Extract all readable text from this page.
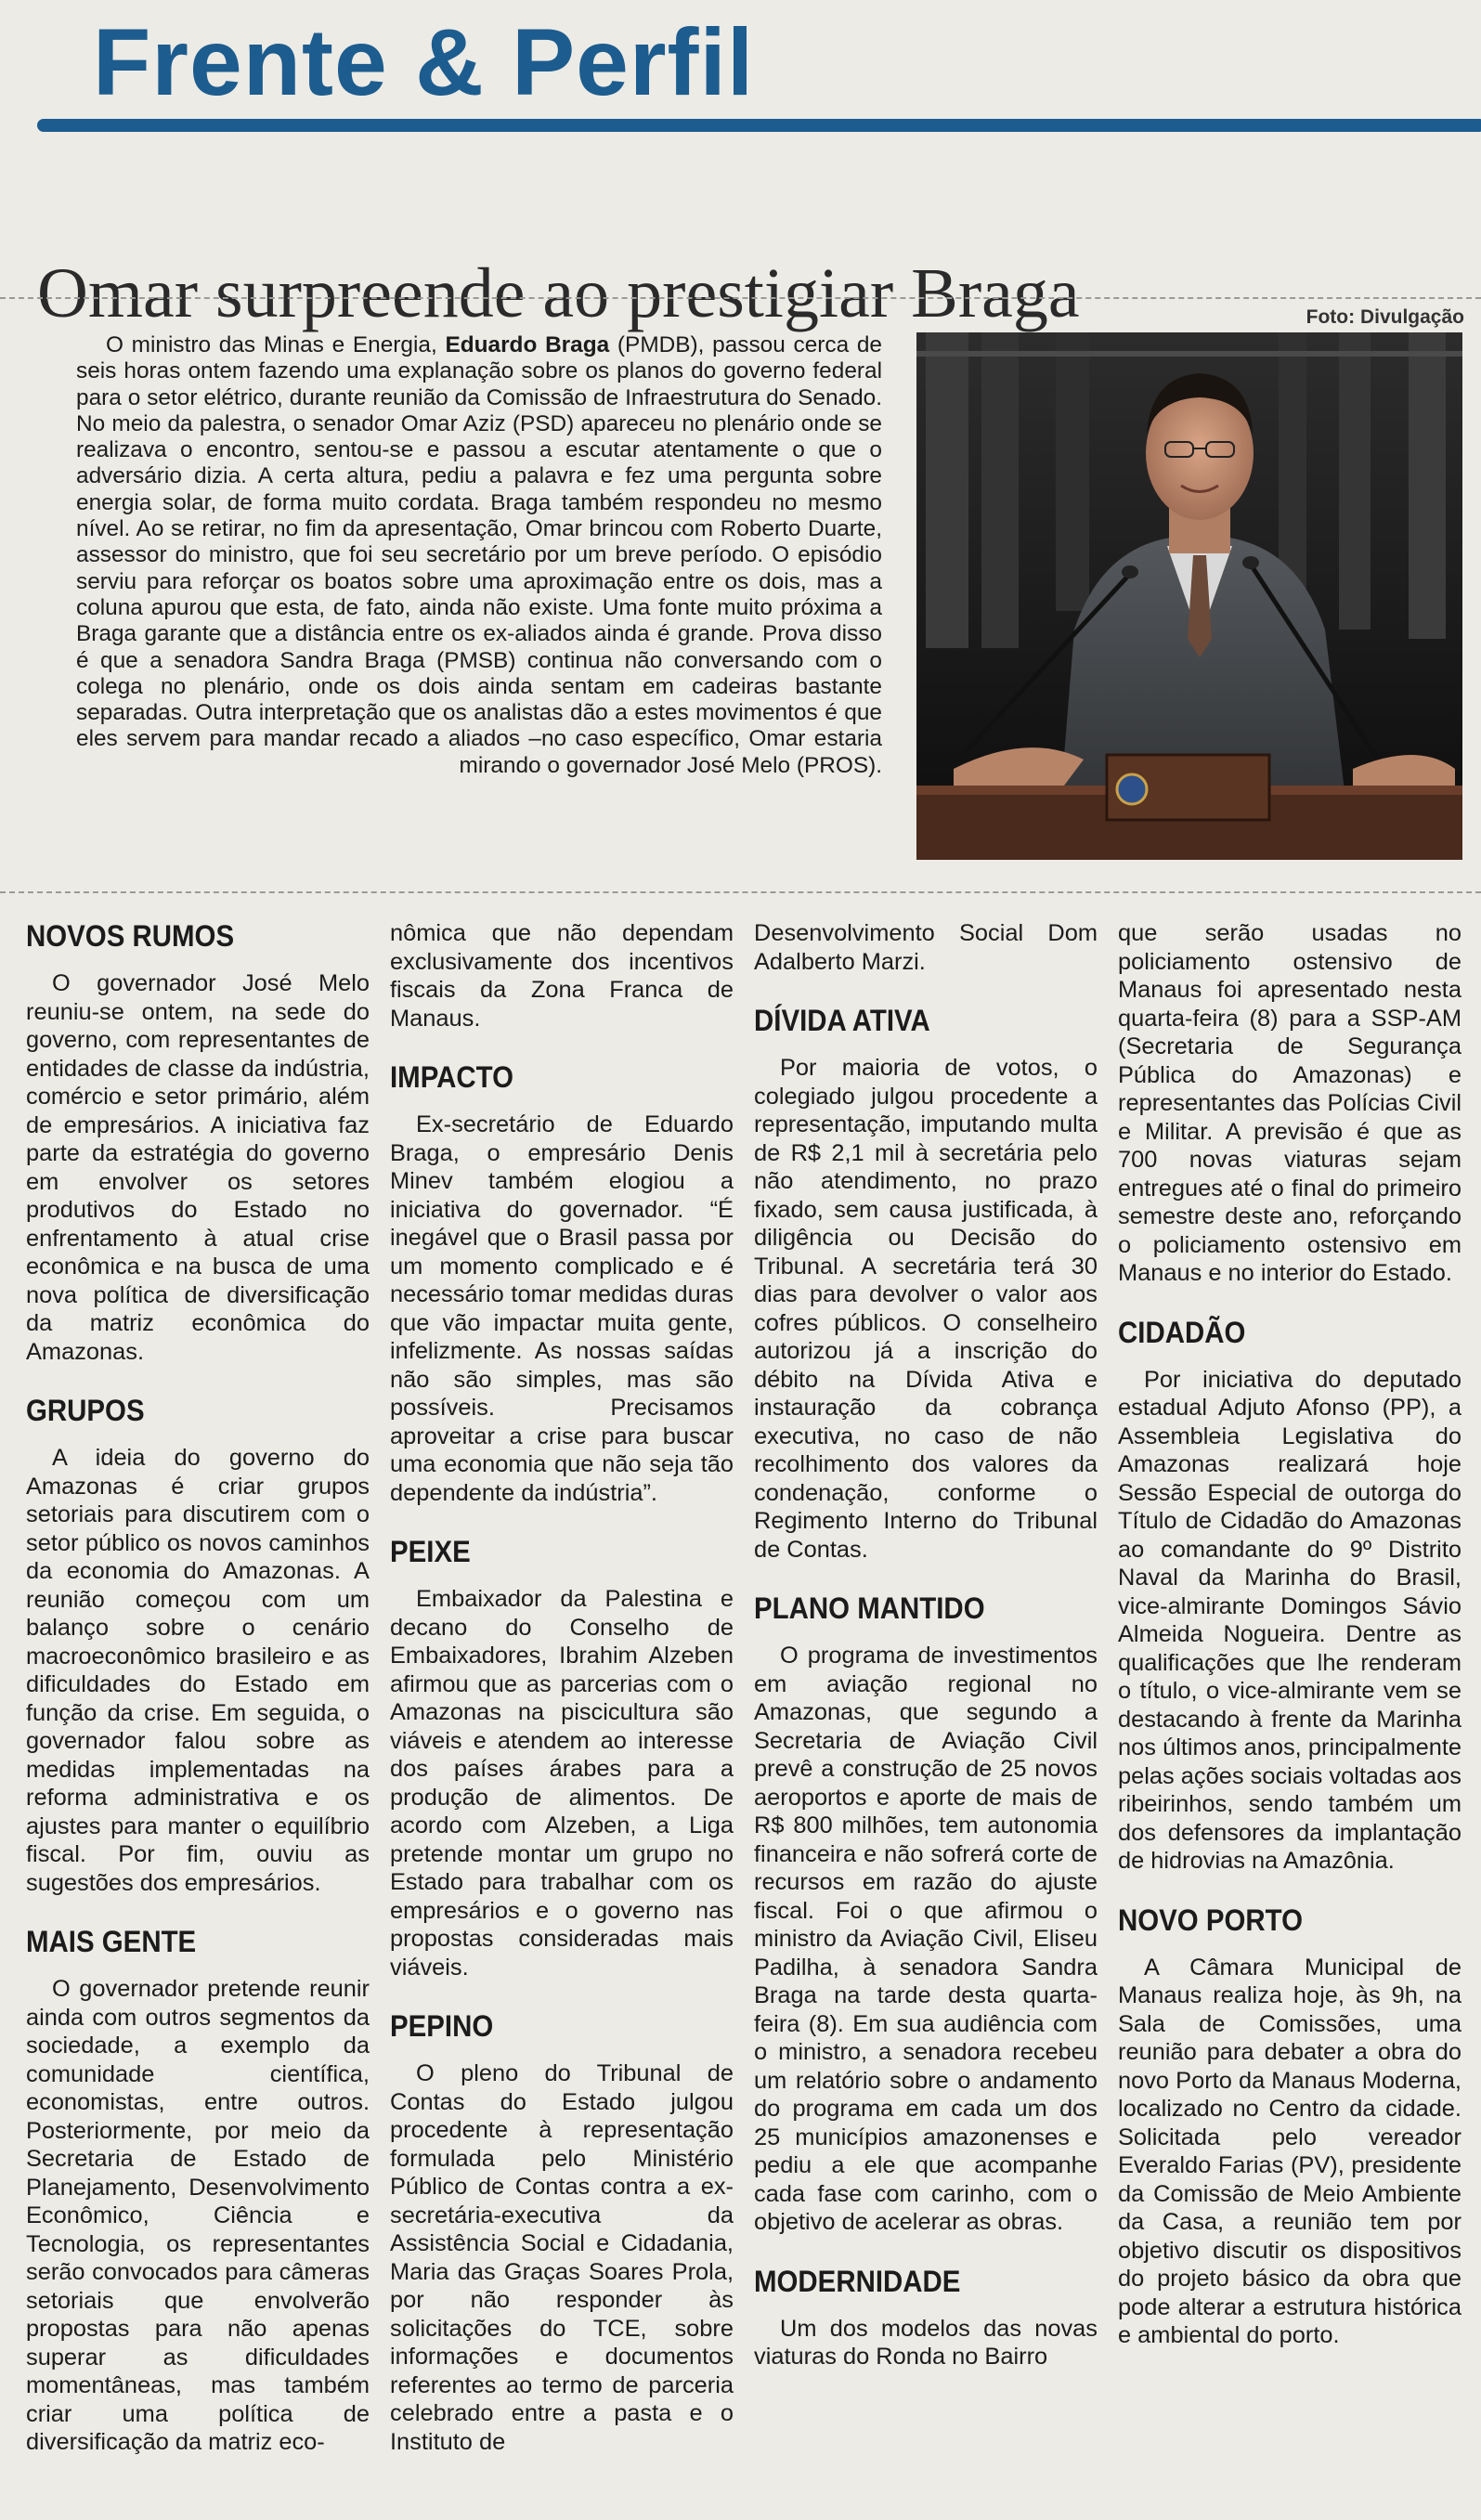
Frente & Perfil
Omar surpreende ao prestigiar Braga	Foto: Divulgação

O ministro das Minas e Energia, Eduardo Braga (PMDB), passou cerca de seis horas ontem fazendo uma explanação sobre os planos do governo federal para o setor elétrico, durante reunião da Comissão de Infraestrutura do Senado. No meio da palestra, o senador Omar Aziz (PSD) apareceu no plenário onde se realizava o encontro, sentou-se e passou a escutar atentamente o que o adversário dizia. A certa altura, pediu a palavra e fez uma pergunta sobre energia solar, de forma muito cordata. Braga também respondeu no mesmo nível. Ao se retirar, no fim da apresentação, Omar brincou com Roberto Duarte, assessor do ministro, que foi seu secretário por um breve período. O episódio serviu para reforçar os boatos sobre uma aproximação entre os dois, mas a coluna apurou que esta, de fato, ainda não existe. Uma fonte muito próxima a Braga garante que a distância entre os ex-aliados ainda é grande. Prova disso é que a senadora Sandra Braga (PMSB) continua não conversando com o colega no plenário, onde os dois ainda sentam em cadeiras bastante separadas. Outra interpretação que os analistas dão a estes movimentos é que eles servem para mandar recado a aliados –no caso específico, Omar estaria mirando o governador José Melo (PROS).

NOVOS RUMOS

O governador José Melo reuniu-se ontem, na sede do governo, com representantes de entidades de classe da indústria, comércio e setor primário, além de empresários. A iniciativa faz parte da estratégia do governo em envolver os setores produtivos do Estado no enfrentamento à atual crise econômica e na busca de uma nova política de diversificação da matriz econômica do Amazonas.

GRUPOS

A ideia do governo do Amazonas é criar grupos setoriais para discutirem com o setor público os novos caminhos da economia do Amazonas. A reunião começou com um balanço sobre o cenário macroeconômico brasileiro e as dificuldades do Estado em função da crise. Em seguida, o governador falou sobre as medidas implementadas na reforma administrativa e os ajustes para manter o equilíbrio fiscal. Por fim, ouviu as sugestões dos empresários.

MAIS GENTE

O governador pretende reunir ainda com outros segmentos da sociedade, a exemplo da comunidade científica, economistas, entre outros. Posteriormente, por meio da Secretaria de Estado de Planejamento, Desenvolvimento Econômico, Ciência e Tecnologia, os representantes serão convocados para câmeras setoriais que envolverão propostas para não apenas superar as dificuldades momentâneas, mas também criar uma política de diversificação da matriz eco-

nômica que não dependam exclusivamente dos incentivos fiscais da Zona Franca de Manaus.

IMPACTO

Ex-secretário de Eduardo Braga, o empresário Denis Minev também elogiou a iniciativa do governador. “É inegável que o Brasil passa por um momento complicado e é necessário tomar medidas duras que vão impactar muita gente, infelizmente. As nossas saídas não são simples, mas são possíveis. Precisamos aproveitar a crise para buscar uma economia que não seja tão dependente da indústria”.

PEIXE

Embaixador da Palestina e decano do Conselho de Embaixadores, Ibrahim Alzeben afirmou que as parcerias com o Amazonas na piscicultura são viáveis e atendem ao interesse dos países árabes para a produção de alimentos. De acordo com Alzeben, a Liga pretende montar um grupo no Estado para trabalhar com os empresários e o governo nas propostas consideradas mais viáveis.

PEPINO

O pleno do Tribunal de Contas do Estado julgou procedente à representação formulada pelo Ministério Público de Contas contra a ex-secretária-executiva da Assistência Social e Cidadania, Maria das Graças Soares Prola, por não responder às solicitações do TCE, sobre informações e documentos referentes ao termo de parceria celebrado entre a pasta e o Instituto de

Desenvolvimento Social Dom Adalberto Marzi.

DÍVIDA ATIVA

Por maioria de votos, o colegiado julgou procedente a representação, imputando multa de R$ 2,1 mil à secretária pelo não atendimento, no prazo fixado, sem causa justificada, à diligência ou Decisão do Tribunal. A secretária terá 30 dias para devolver o valor aos cofres públicos. O conselheiro autorizou já a inscrição do débito na Dívida Ativa e instauração da cobrança executiva, no caso de não recolhimento dos valores da condenação, conforme o Regimento Interno do Tribunal de Contas.

PLANO MANTIDO

O programa de investimentos em aviação regional no Amazonas, que segundo a Secretaria de Aviação Civil prevê a construção de 25 novos aeroportos e aporte de mais de R$ 800 milhões, tem autonomia financeira e não sofrerá corte de recursos em razão do ajuste fiscal. Foi o que afirmou o ministro da Aviação Civil, Eliseu Padilha, à senadora Sandra Braga na tarde desta quarta-feira (8). Em sua audiência com o ministro, a senadora recebeu um relatório sobre o andamento do programa em cada um dos 25 municípios amazonenses e pediu a ele que acompanhe cada fase com carinho, com o objetivo de acelerar as obras.

MODERNIDADE

Um dos modelos das novas viaturas do Ronda no Bairro

que serão usadas no policiamento ostensivo de Manaus foi apresentado nesta quarta-feira (8) para a SSP-AM (Secretaria de Segurança Pública do Amazonas) e representantes das Polícias Civil e Militar. A previsão é que as 700 novas viaturas sejam entregues até o final do primeiro semestre deste ano, reforçando o policiamento ostensivo em Manaus e no interior do Estado.

CIDADÃO

Por iniciativa do deputado estadual Adjuto Afonso (PP), a Assembleia Legislativa do Amazonas realizará hoje Sessão Especial de outorga do Título de Cidadão do Amazonas ao comandante do 9º Distrito Naval da Marinha do Brasil, vice-almirante Domingos Sávio Almeida Nogueira. Dentre as qualificações que lhe renderam o título, o vice-almirante vem se destacando à frente da Marinha nos últimos anos, principalmente pelas ações sociais voltadas aos ribeirinhos, sendo também um dos defensores da implantação de hidrovias na Amazônia.

NOVO PORTO

A Câmara Municipal de Manaus realiza hoje, às 9h, na Sala de Comissões, uma reunião para debater a obra do novo Porto da Manaus Moderna, localizado no Centro da cidade. Solicitada pelo vereador Everaldo Farias (PV), presidente da Comissão de Meio Ambiente da Casa, a reunião tem por objetivo discutir os dispositivos do projeto básico da obra que pode alterar a estrutura histórica e ambiental do porto.
